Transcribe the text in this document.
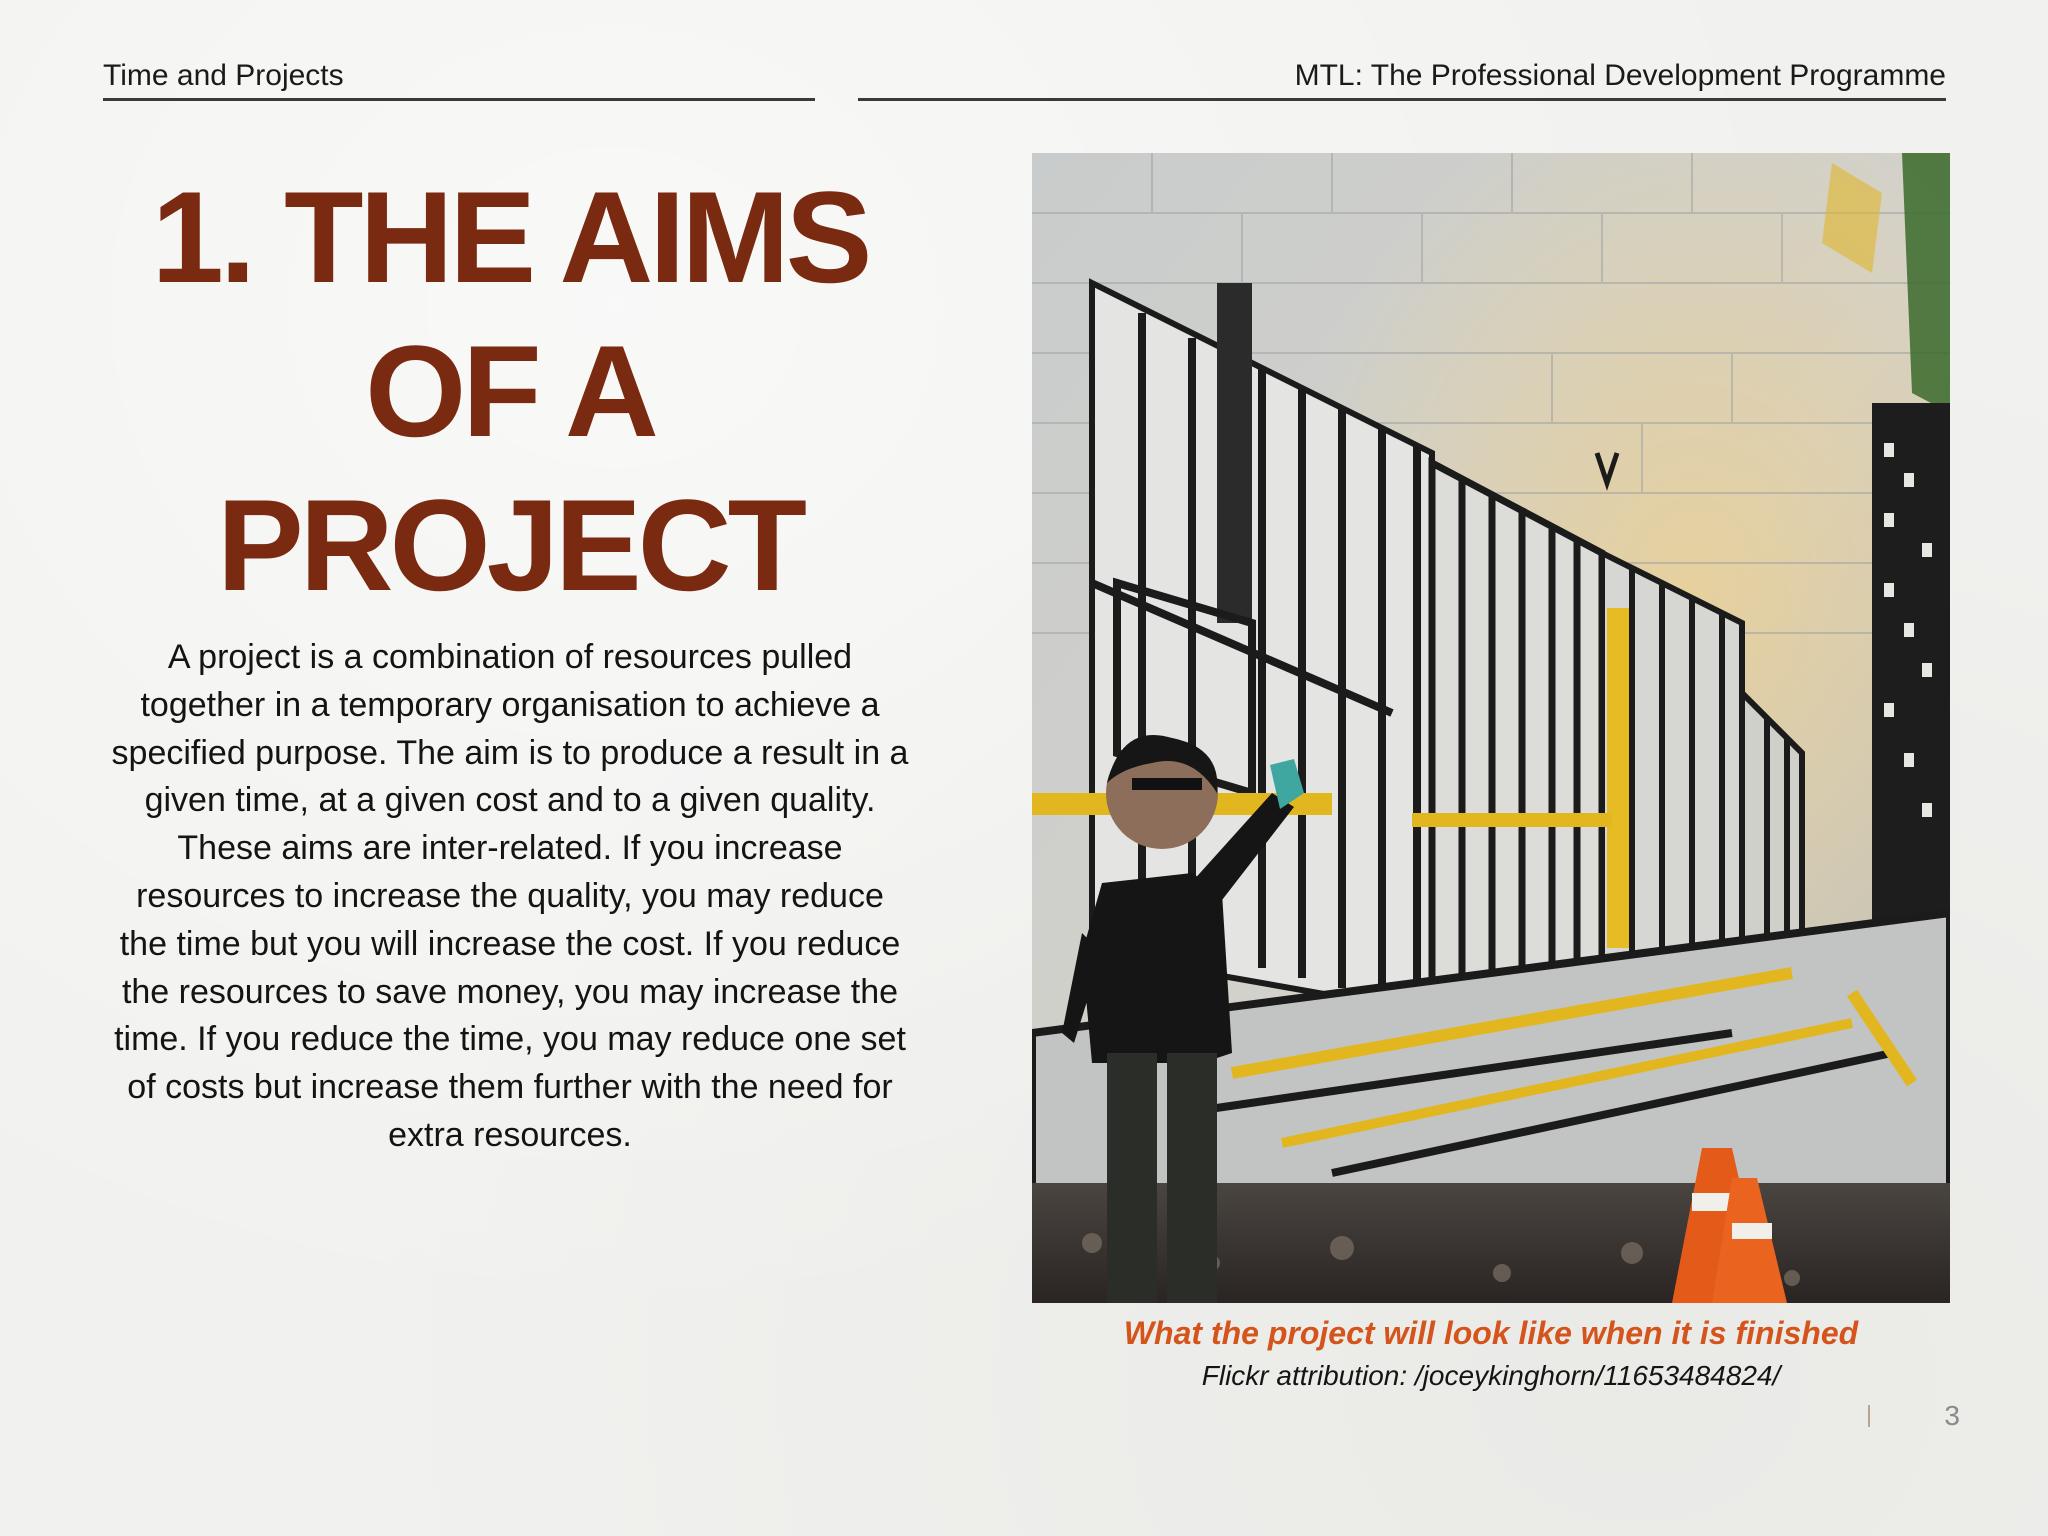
Time and Projects	MTL: The Professional Development Programme
1. THE AIMS
OF A
PROJECT

A project is a combination of resources pulled together in a temporary organisation to achieve a specified purpose. The aim is to produce a result in a given time, at a given cost and to a given quality. These aims are inter-related. If you increase resources to increase the quality, you may reduce the time but you will increase the cost. If you reduce the resources to save money, you may increase the time. If you reduce the time, you may reduce one set of costs but increase them further with the need for extra resources.

What the project will look like when it is finished
Flickr attribution: /joceykinghorn/11653484824/
3
